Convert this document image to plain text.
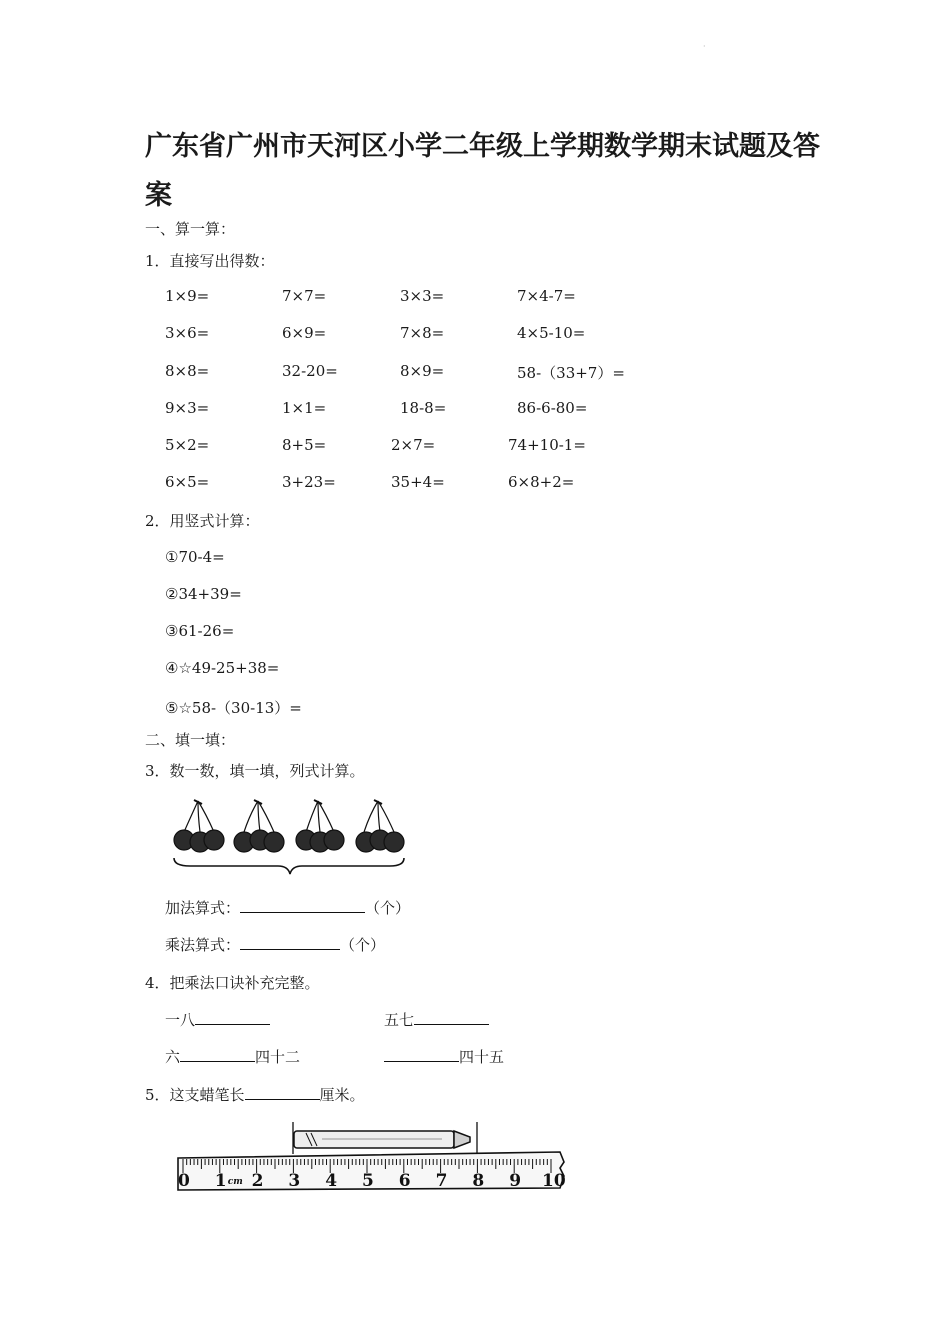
·
广东省广州市天河区小学二年级上学期数学期末试题及答
案
一、算一算：
1．直接写出得数：
1×9=	7×7=	3×3=	7×4-7=
3×6=	6×9=	7×8=	4×5-10=
8×8=	32-20=	8×9=	58-（33+7）=
9×3=	1×1=	18-8=	86-6-80=
5×2=	8+5=	2×7=	74+10-1=
6×5=	3+23=	35+4=	6×8+2=
2．用竖式计算：
①70-4=
②34+39=
③61-26=
④☆49-25+38=
⑤☆58-（30-13）=
二、填一填：
3．数一数，填一填，列式计算。
加法算式：	（个）
乘法算式：	（个）
4．把乘法口诀补充完整。
一八	五七
六	四十二	四十五
5．这支蜡笔长	厘米。
0 1 2 3 4 5 6 7 8 9 10
cm
